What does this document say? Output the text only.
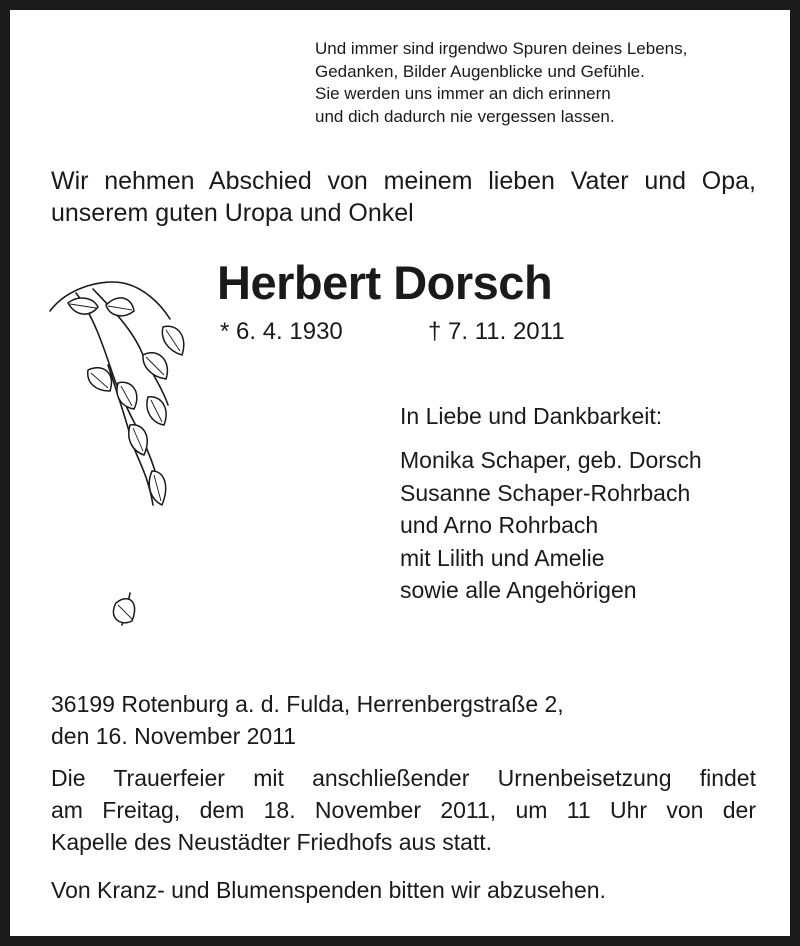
Und immer sind irgendwo Spuren deines Lebens,
Gedanken, Bilder Augenblicke und Gefühle.
Sie werden uns immer an dich erinnern
und dich dadurch nie vergessen lassen.
Wir nehmen Abschied von meinem lieben Vater und Opa,
unserem guten Uropa und Onkel
Herbert Dorsch
* 6. 4. 1930	† 7. 11. 2011
In Liebe und Dankbarkeit:
Monika Schaper, geb. Dorsch
Susanne Schaper-Rohrbach
und Arno Rohrbach
mit Lilith und Amelie
sowie alle Angehörigen
36199 Rotenburg a. d. Fulda, Herrenbergstraße 2,
den 16. November 2011
Die Trauerfeier mit anschließender Urnenbeisetzung findet
am Freitag, dem 18. November 2011, um 11 Uhr von der
Kapelle des Neustädter Friedhofs aus statt.
Von Kranz- und Blumenspenden bitten wir abzusehen.
